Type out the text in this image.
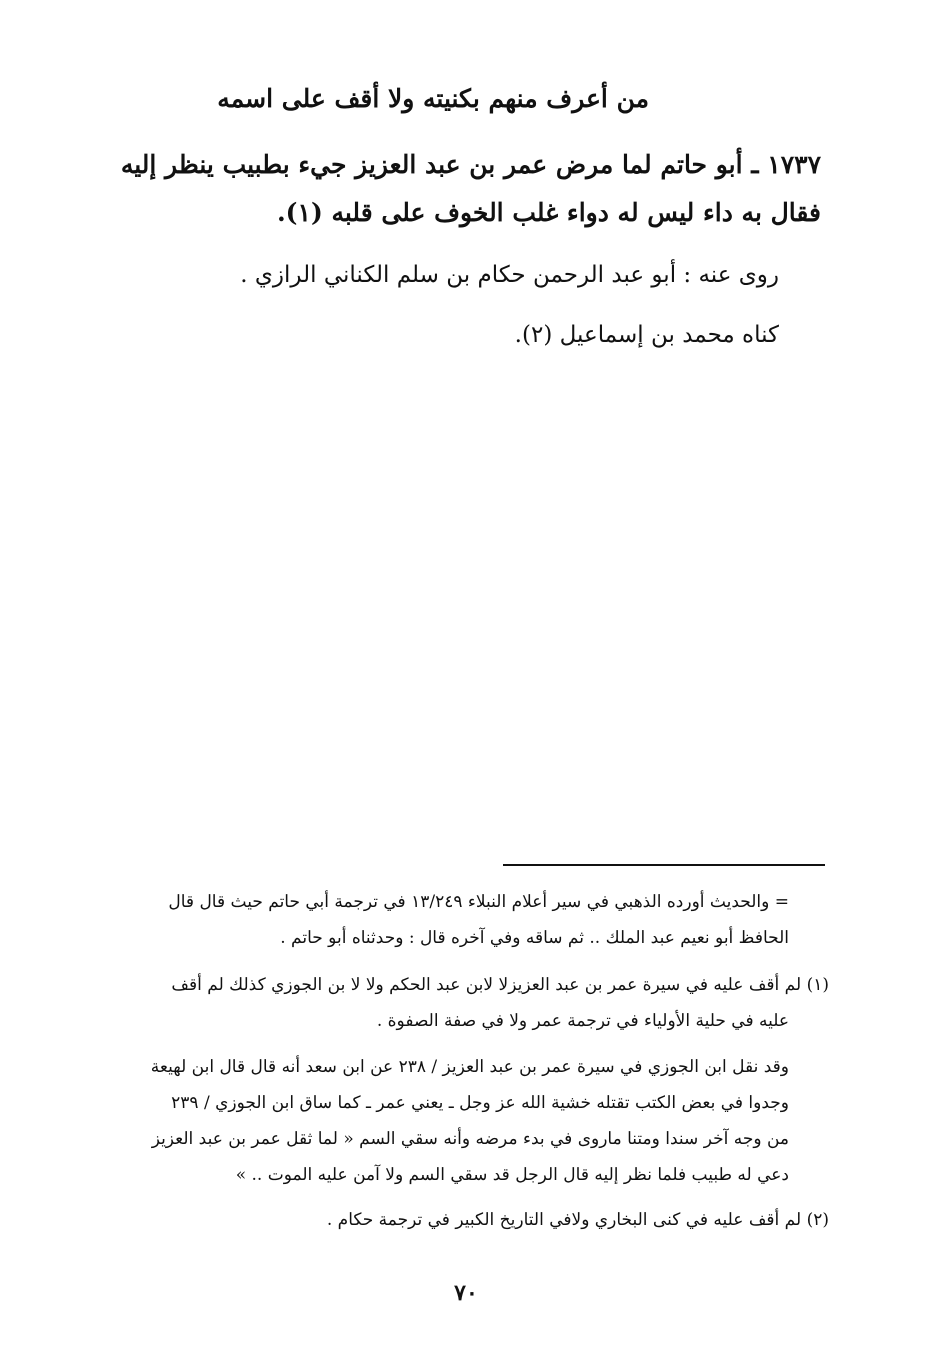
من أعرف منهم بكنيته ولا أقف على اسمه
١٧٣٧ ـ أبو حاتم لما مرض عمر بن عبد العزيز جيء بطبيب ينظر إليه
فقال به داء ليس له دواء غلب الخوف على قلبه (١).
روى عنه : أبو عبد الرحمن حكام بن سلم الكناني الرازي .
كناه محمد بن إسماعيل (٢).
= والحديث أورده الذهبي في سير أعلام النبلاء ١٣/٢٤٩ في ترجمة أبي حاتم حيث قال قال
الحافظ أبو نعيم عبد الملك .. ثم ساقه وفي آخره قال : وحدثناه أبو حاتم .
(١) لم أقف عليه في سيرة عمر بن عبد العزيزلا لابن عبد الحكم ولا لا بن الجوزي كذلك لم أقف
عليه في حلية الأولياء في ترجمة عمر ولا في صفة الصفوة .
وقد نقل ابن الجوزي في سيرة عمر بن عبد العزيز / ٢٣٨ عن ابن سعد أنه قال قال ابن لهيعة
وجدوا في بعض الكتب تقتله خشية الله عز وجل ـ يعني عمر ـ كما ساق ابن الجوزي / ٢٣٩
من وجه آخر سندا ومتنا ماروى في بدء مرضه وأنه سقي السم « لما ثقل عمر بن عبد العزيز
دعي له طبيب فلما نظر إليه قال الرجل قد سقي السم ولا آمن عليه الموت .. »
(٢) لم أقف عليه في كنى البخاري ولافي التاريخ الكبير في ترجمة حكام .
٧٠
